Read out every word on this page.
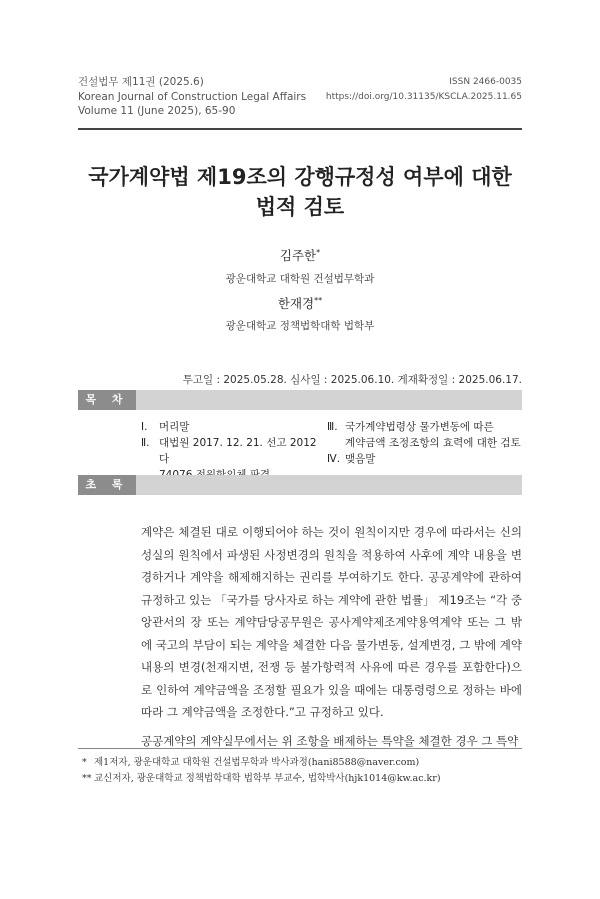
건설법무 제11권 (2025.6)
Korean Journal of Construction Legal Affairs
Volume 11 (June 2025), 65-90
ISSN 2466-0035
https://doi.org/10.31135/KSCLA.2025.11.65
국가계약법 제19조의 강행규정성 여부에 대한
법적 검토
김주한*
광운대학교 대학원 건설법무학과
한재경**
광운대학교 정책법학대학 법학부
투고일 : 2025.05.28. 심사일 : 2025.06.10. 게재확정일 : 2025.06.17.
목 차
Ⅰ.	머리말
Ⅱ. 대법원 2017. 12. 21. 선고 2012다
Ⅲ. 국가계약법령상 물가변동에 따른
계약금액 조정조항의 효력에 대한 검토
Ⅳ. 맺음말
초 록

계약은 체결된 대로 이행되어야 하는 것이 원칙이지만 경우에 따라서는 신의성실의 원칙에서 파생된 사정변경의 원칙을 적용하여 사후에 계약 내용을 변경하거나 계약을 해제해지하는 권리를 부여하기도 한다. 공공계약에 관하여 규정하고 있는 「국가를 당사자로 하는 계약에 관한 법률」 제19조는 “각 중앙관서의 장 또는 계약담당공무원은 공사계약제조계약용역계약 또는 그 밖에 국고의 부담이 되는 계약을 체결한 다음 물가변동, 설계변경, 그 밖에 계약내용의 변경(천재지변, 전쟁 등 불가항력적 사유에 따른 경우를 포함한다)으로 인하여 계약금액을 조정할 필요가 있을 때에는 대통령령으로 정하는 바에 따라 그 계약금액을 조정한다.”고 규정하고 있다.

공공계약의 계약실무에서는 위 조항을 배제하는 특약을 체결한 경우 그 특약

* 제1저자, 광운대학교 대학원 건설법무학과 박사과정(hani8588@naver.com)
** 교신저자, 광운대학교 정책법학대학 법학부 부교수, 법학박사(hjk1014@kw.ac.kr)
